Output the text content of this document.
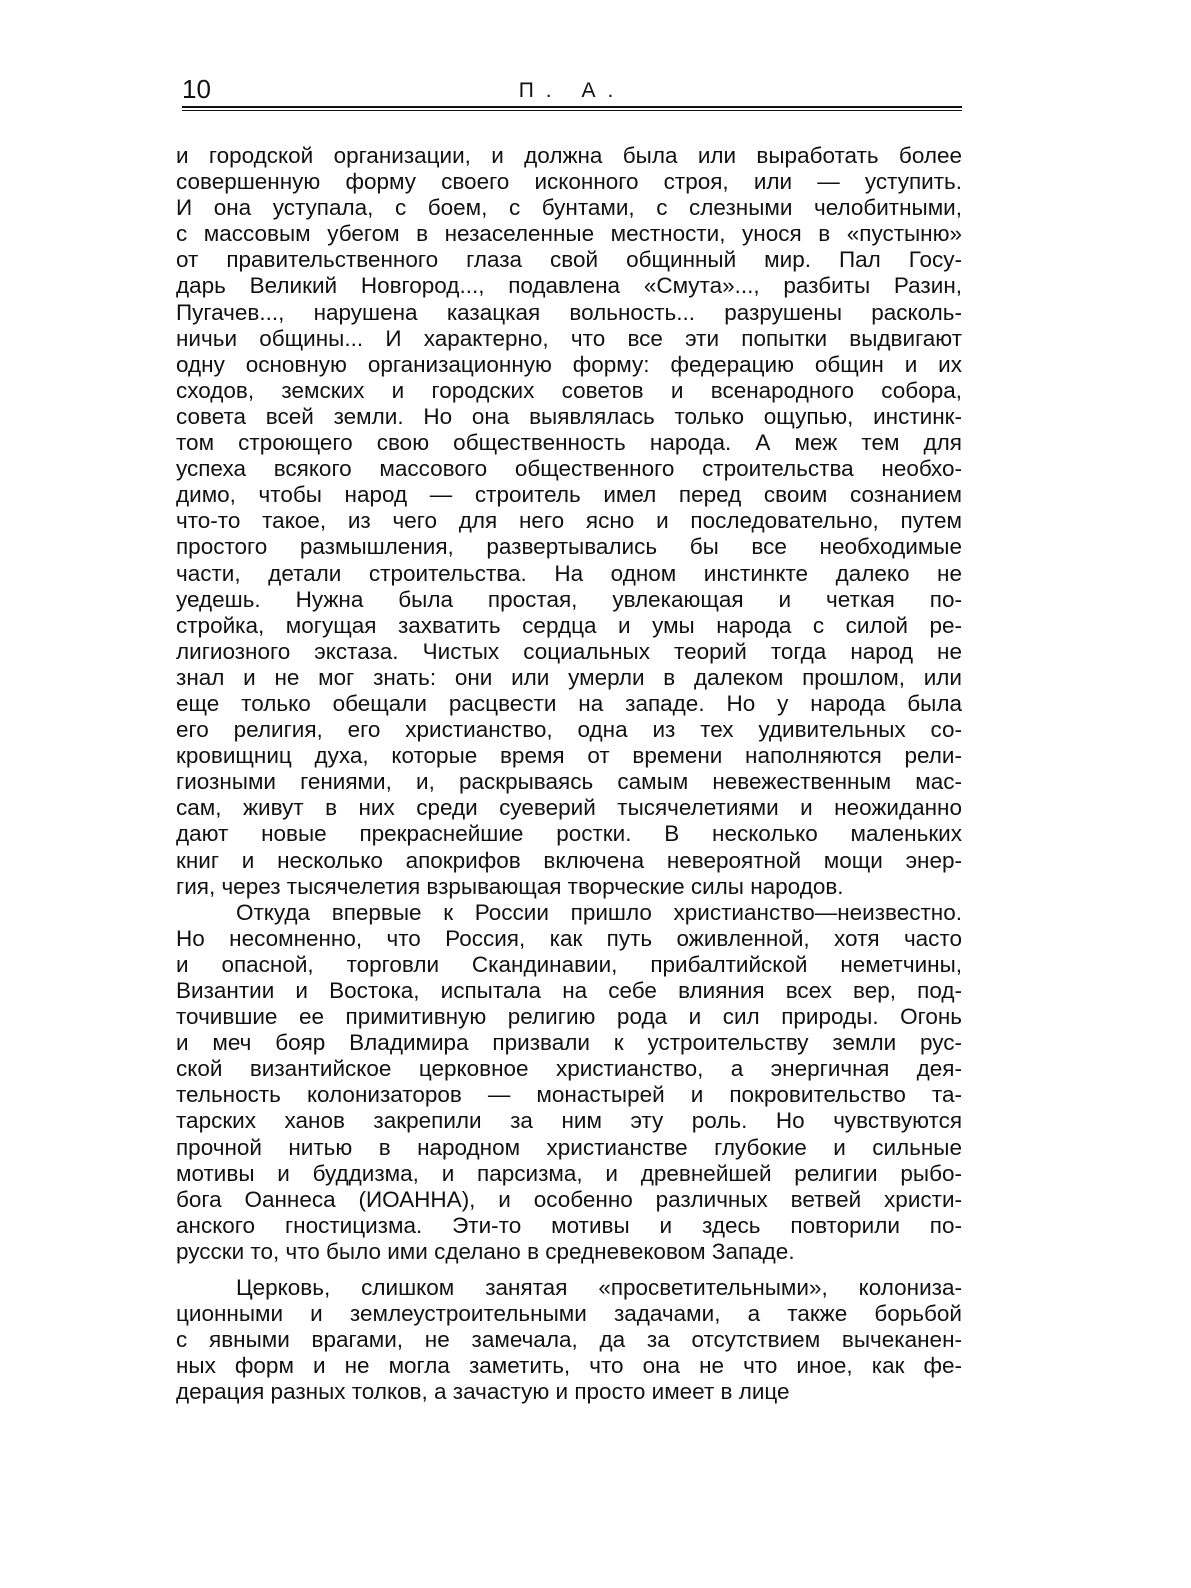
10	П. А.
и городской организации, и должна была или выработать более
совершенную форму своего исконного строя, или — уступить.
И она уступала, с боем, с бунтами, с слезными челобитными,
с массовым убегом в незаселенные местности, унося в «пустыню»
от правительственного глаза свой общинный мир. Пал Госу-
дарь Великий Новгород..., подавлена «Смута»..., разбиты Разин,
Пугачев..., нарушена казацкая вольность... разрушены расколь-
ничьи общины... И характерно, что все эти попытки выдвигают
одну основную организационную форму: федерацию общин и их
сходов, земских и городских советов и всенародного собора,
совета всей земли. Но она выявлялась только ощупью, инстинк-
том строющего свою общественность народа. А меж тем для
успеха всякого массового общественного строительства необхо-
димо, чтобы народ — строитель имел перед своим сознанием
что-то такое, из чего для него ясно и последовательно, путем
простого размышления, развертывались бы все необходимые
части, детали строительства. На одном инстинкте далеко не
уедешь. Нужна была простая, увлекающая и четкая по-
стройка, могущая захватить сердца и умы народа с силой ре-
лигиозного экстаза. Чистых социальных теорий тогда народ не
знал и не мог знать: они или умерли в далеком прошлом, или
еще только обещали расцвести на западе. Но у народа была
его религия, его христианство, одна из тех удивительных со-
кровищниц духа, которые время от времени наполняются рели-
гиозными гениями, и, раскрываясь самым невежественным мас-
сам, живут в них среди суеверий тысячелетиями и неожиданно
дают новые прекраснейшие ростки. В несколько маленьких
книг и несколько апокрифов включена невероятной мощи энер-
гия, через тысячелетия взрывающая творческие силы народов.
Откуда впервые к России пришло христианство—неизвестно.
Но несомненно, что Россия, как путь оживленной, хотя часто
и опасной, торговли Скандинавии, прибалтийской неметчины,
Византии и Востока, испытала на себе влияния всех вер, под-
точившие ее примитивную религию рода и сил природы. Огонь
и меч бояр Владимира призвали к устроительству земли рус-
ской византийское церковное христианство, а энергичная дея-
тельность колонизаторов — монастырей и покровительство та-
тарских ханов закрепили за ним эту роль. Но чувствуются
прочной нитью в народном христианстве глубокие и сильные
мотивы и буддизма, и парсизма, и древнейшей религии рыбо-
бога Оаннеса (ИОАННА), и особенно различных ветвей христи-
анского гностицизма. Эти-то мотивы и здесь повторили по-
русски то, что было ими сделано в средневековом Западе.
Церковь, слишком занятая «просветительными», колониза-
ционными и землеустроительными задачами, а также борьбой
с явными врагами, не замечала, да за отсутствием вычеканен-
ных форм и не могла заметить, что она не что иное, как фе-
дерация разных толков, а зачастую и просто имеет в лице
